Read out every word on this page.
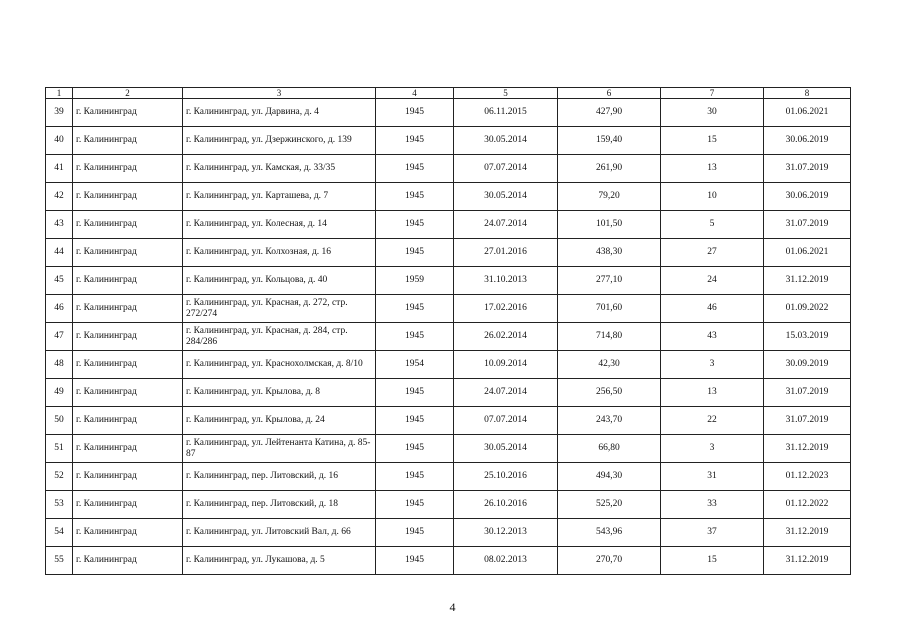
1	2	3	4	5	6	7	8
39	г. Калининград	г. Калининград, ул. Дарвина, д. 4	1945	06.11.2015	427,90	30	01.06.2021
40	г. Калининград	г. Калининград, ул. Дзержинского, д. 139	1945	30.05.2014	159,40	15	30.06.2019
41	г. Калининград	г. Калининград, ул. Камская, д. 33/35	1945	07.07.2014	261,90	13	31.07.2019
42	г. Калининград	г. Калининград, ул. Карташева, д. 7	1945	30.05.2014	79,20	10	30.06.2019
43	г. Калининград	г. Калининград, ул. Колесная, д. 14	1945	24.07.2014	101,50	5	31.07.2019
44	г. Калининград	г. Калининград, ул. Колхозная, д. 16	1945	27.01.2016	438,30	27	01.06.2021
45	г. Калининград	г. Калининград, ул. Кольцова, д. 40	1959	31.10.2013	277,10	24	31.12.2019
46	г. Калининград	г. Калининград, ул. Красная, д. 272, стр. 272/274	1945	17.02.2016	701,60	46	01.09.2022
47	г. Калининград	г. Калининград, ул. Красная, д. 284, стр. 284/286	1945	26.02.2014	714,80	43	15.03.2019
48	г. Калининград	г. Калининград, ул. Краснохолмская, д. 8/10	1954	10.09.2014	42,30	3	30.09.2019
49	г. Калининград	г. Калининград, ул. Крылова, д. 8	1945	24.07.2014	256,50	13	31.07.2019
50	г. Калининград	г. Калининград, ул. Крылова, д. 24	1945	07.07.2014	243,70	22	31.07.2019
51	г. Калининград	г. Калининград, ул. Лейтенанта Катина, д. 85-87	1945	30.05.2014	66,80	3	31.12.2019
52	г. Калининград	г. Калининград, пер. Литовский, д. 16	1945	25.10.2016	494,30	31	01.12.2023
53	г. Калининград	г. Калининград, пер. Литовский, д. 18	1945	26.10.2016	525,20	33	01.12.2022
54	г. Калининград	г. Калининград, ул. Литовский Вал, д. 66	1945	30.12.2013	543,96	37	31.12.2019
55	г. Калининград	г. Калининград, ул. Лукашова, д. 5	1945	08.02.2013	270,70	15	31.12.2019
4
